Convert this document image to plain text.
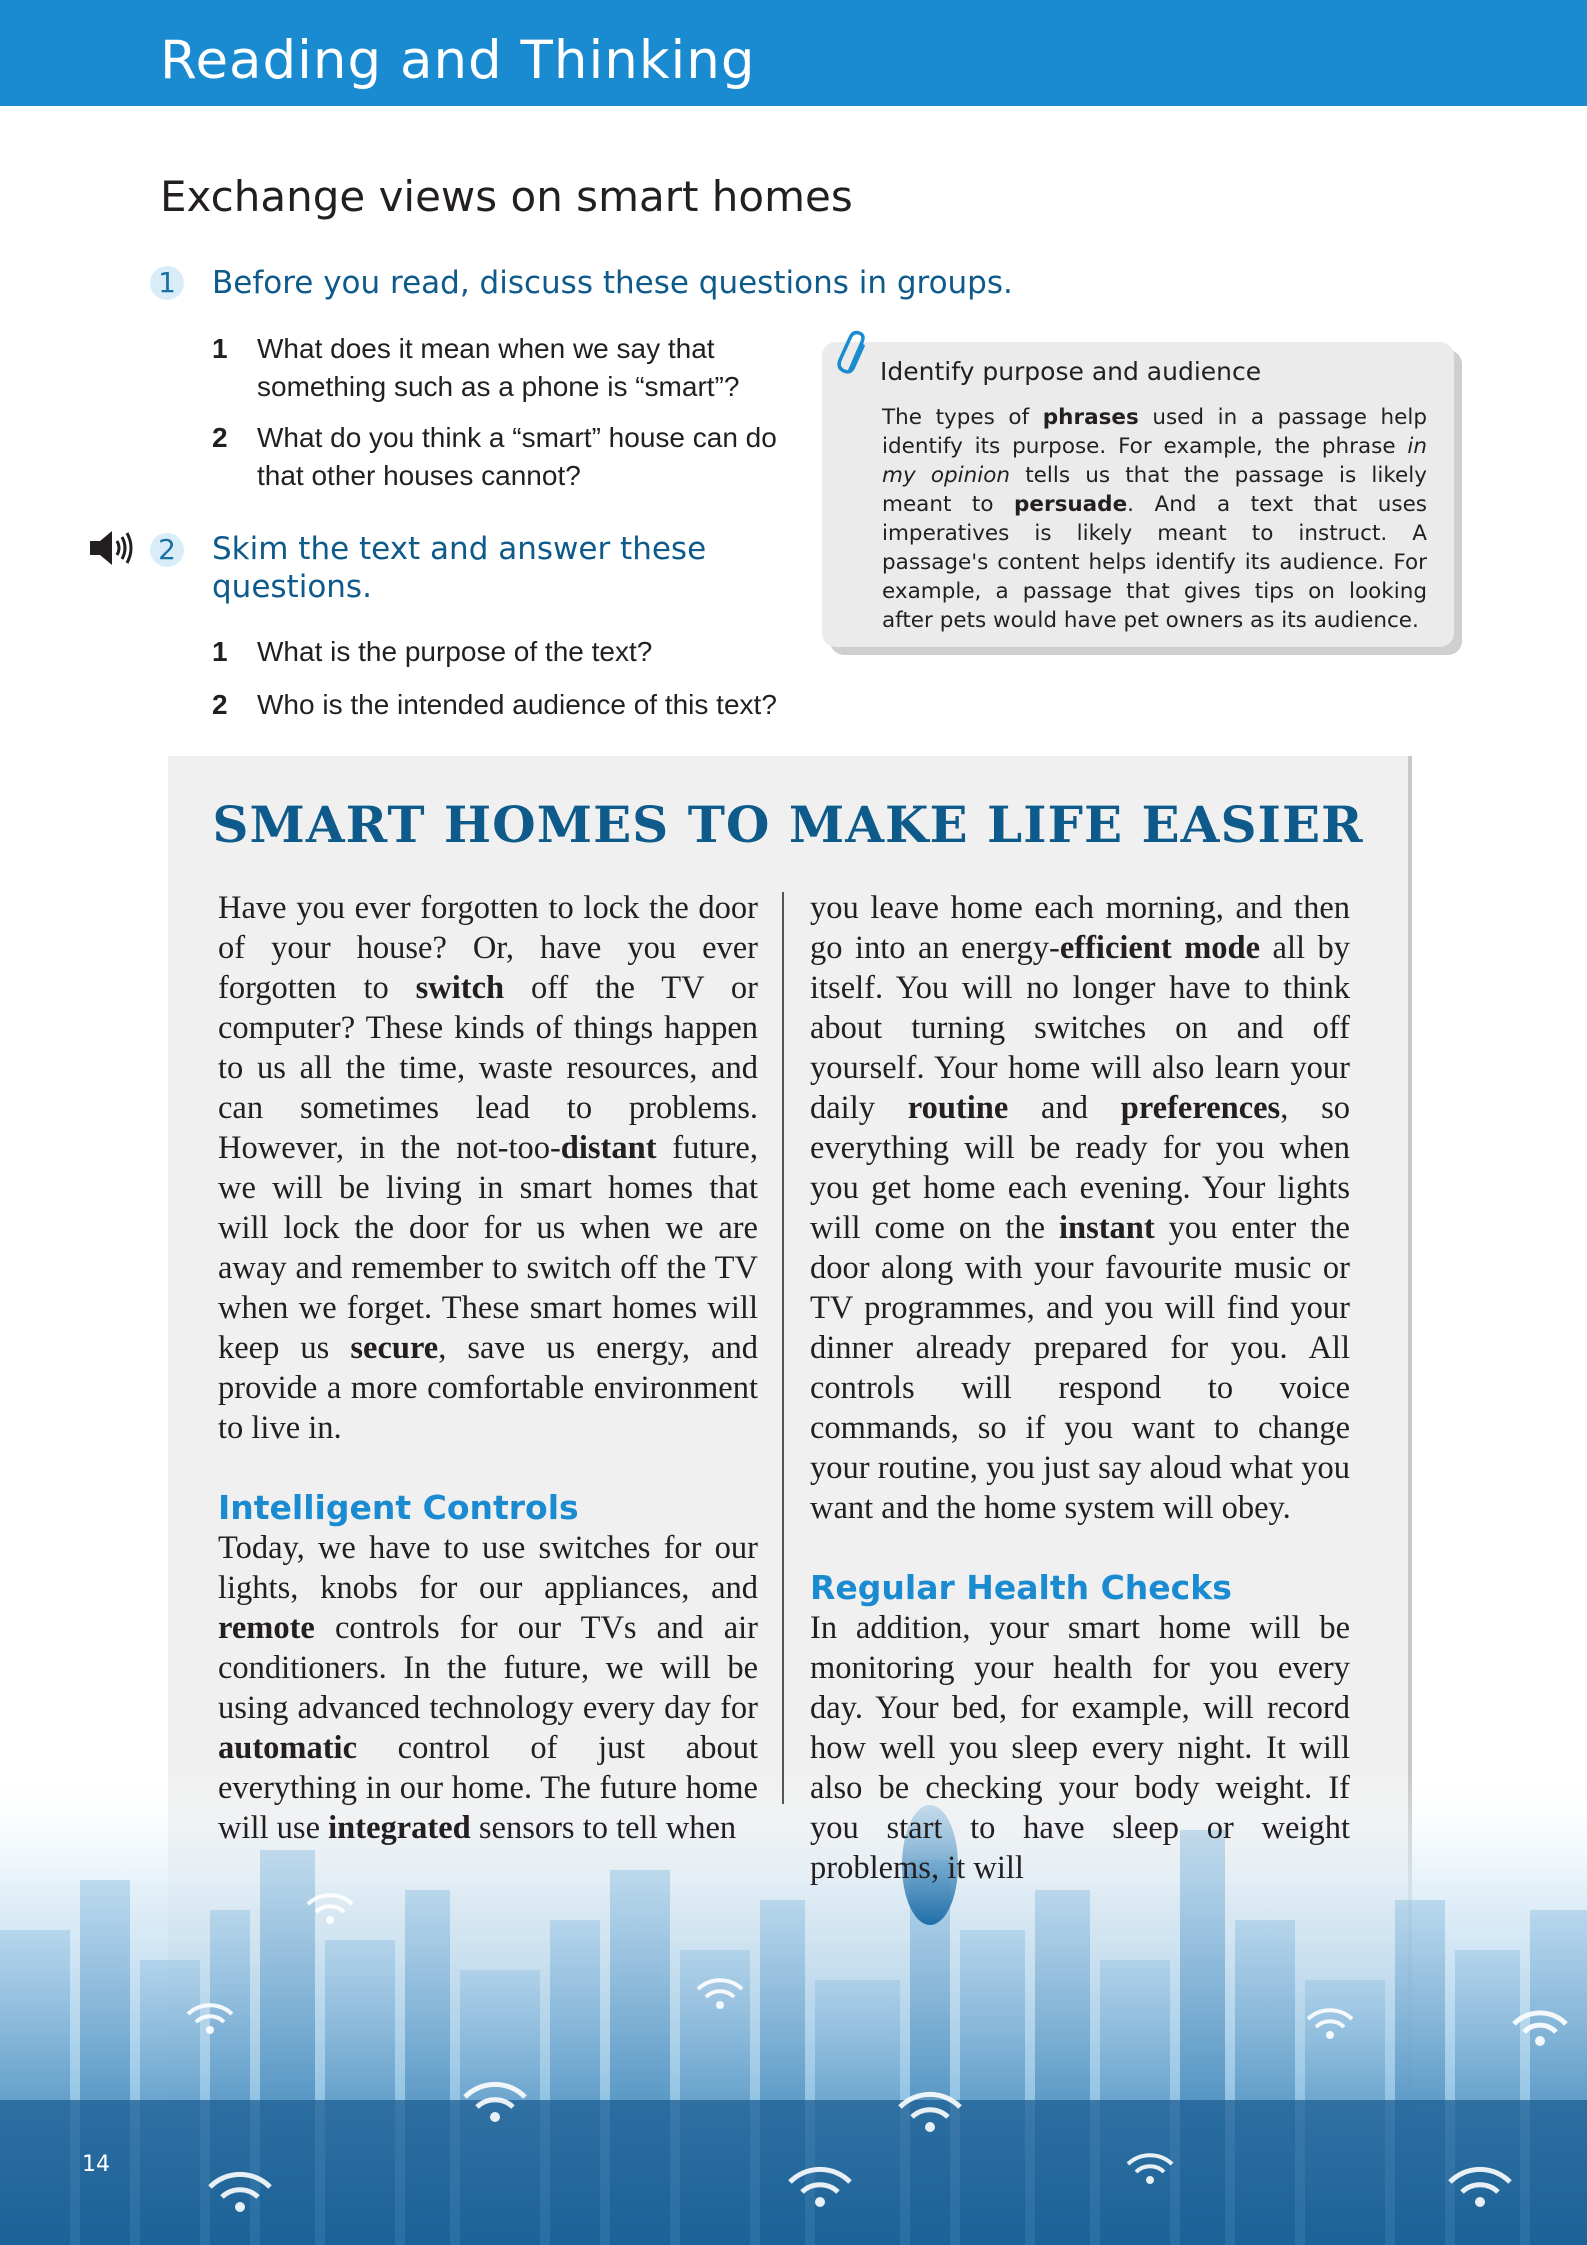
Reading and Thinking
Exchange views on smart homes
1 Before you read, discuss these questions in groups.
1 What does it mean when we say that something such as a phone is “smart”?
2 What do you think a “smart” house can do that other houses cannot?
2 Skim the text and answer these questions.
1 What is the purpose of the text?
2 Who is the intended audience of this text?
Identify purpose and audience
The types of phrases used in a passage help identify its purpose. For example, the phrase in my opinion tells us that the passage is likely meant to persuade. And a text that uses imperatives is likely meant to instruct. A passage's content helps identify its audience. For example, a passage that gives tips on looking after pets would have pet owners as its audience.
SMART HOMES TO MAKE LIFE EASIER

Have you ever forgotten to lock the door of your house? Or, have you ever forgotten to switch off the TV or computer? These kinds of things happen to us all the time, waste resources, and can sometimes lead to problems. However, in the not-too-distant future, we will be living in smart homes that will lock the door for us when we are away and remember to switch off the TV when we forget. These smart homes will keep us secure, save us energy, and provide a more comfortable environment to live in.

Intelligent Controls

Today, we have to use switches for our lights, knobs for our appliances, and remote controls for our TVs and air conditioners. In the future, we will be using advanced technology every day for automatic control of just about everything in our home. The future home will use integrated sensors to tell when

you leave home each morning, and then go into an energy-efficient mode all by itself. You will no longer have to think about turning switches on and off yourself. Your home will also learn your daily routine and preferences, so everything will be ready for you when you get home each evening. Your lights will come on the instant you enter the door along with your favourite music or TV programmes, and you will find your dinner already prepared for you. All controls will respond to voice commands, so if you want to change your routine, you just say aloud what you want and the home system will obey.

Regular Health Checks

In addition, your smart home will be monitoring your health for you every day. Your bed, for example, will record how well you sleep every night. It will also be checking your body weight. If you start to have sleep or weight problems, it will

14
